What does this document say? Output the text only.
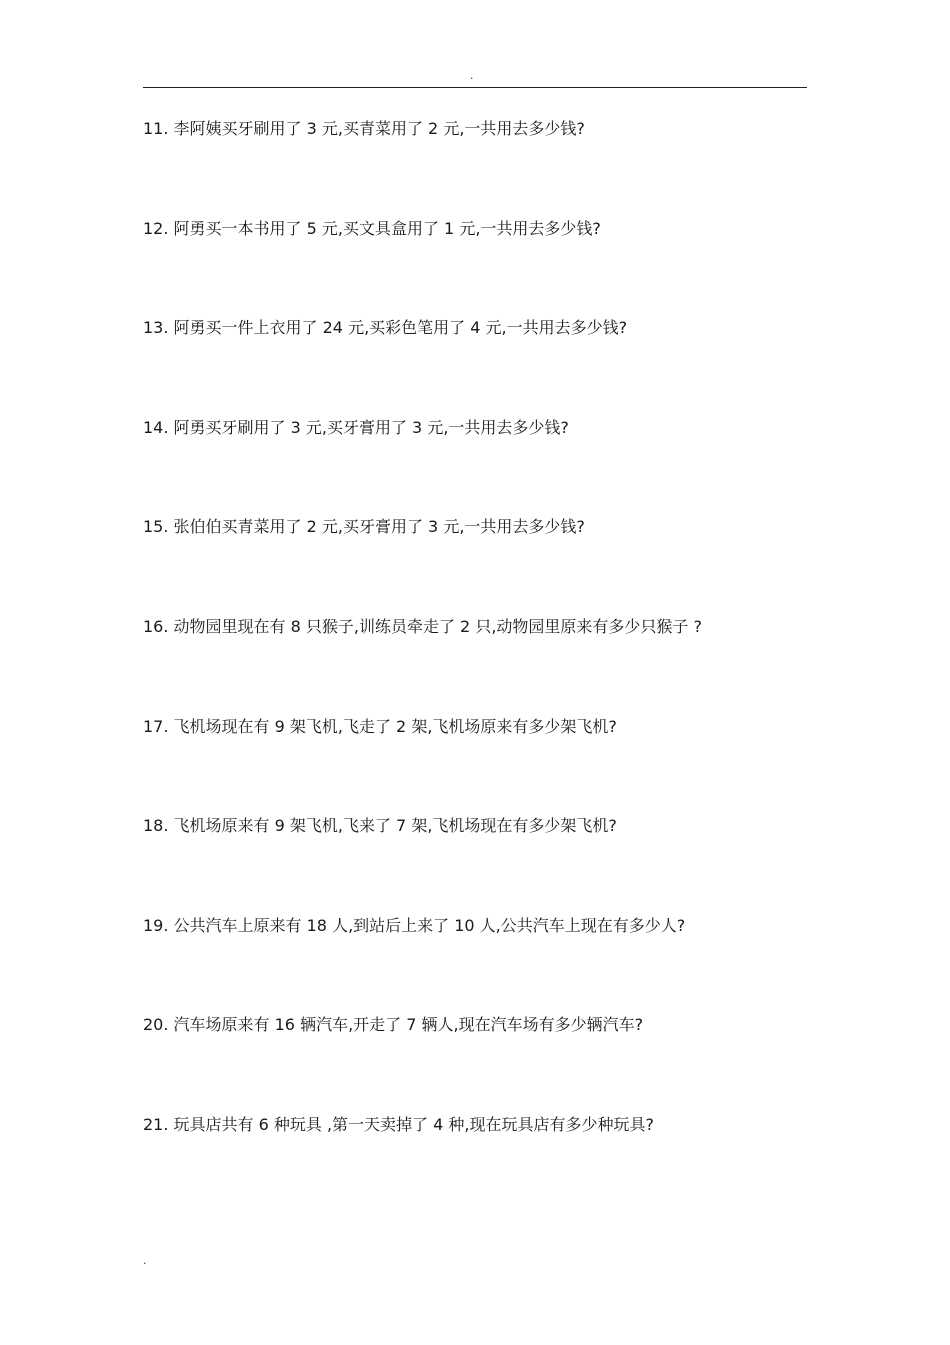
.
11. 李阿姨买牙刷用了 3 元,买青菜用了 2 元,一共用去多少钱?
12. 阿勇买一本书用了 5 元,买文具盒用了 1 元,一共用去多少钱?
13. 阿勇买一件上衣用了 24 元,买彩色笔用了 4 元,一共用去多少钱?
14. 阿勇买牙刷用了 3 元,买牙膏用了 3 元,一共用去多少钱?
15. 张伯伯买青菜用了 2 元,买牙膏用了 3 元,一共用去多少钱?
16. 动物园里现在有 8 只猴子,训练员牵走了 2 只,动物园里原来有多少只猴子 ?
17. 飞机场现在有 9 架飞机,飞走了 2 架,飞机场原来有多少架飞机?
18. 飞机场原来有 9 架飞机,飞来了 7 架,飞机场现在有多少架飞机?
19. 公共汽车上原来有 18 人,到站后上来了 10 人,公共汽车上现在有多少人?
20. 汽车场原来有 16 辆汽车,开走了 7 辆人,现在汽车场有多少辆汽车?
21. 玩具店共有 6 种玩具 ,第一天卖掉了 4 种,现在玩具店有多少种玩具?
.
